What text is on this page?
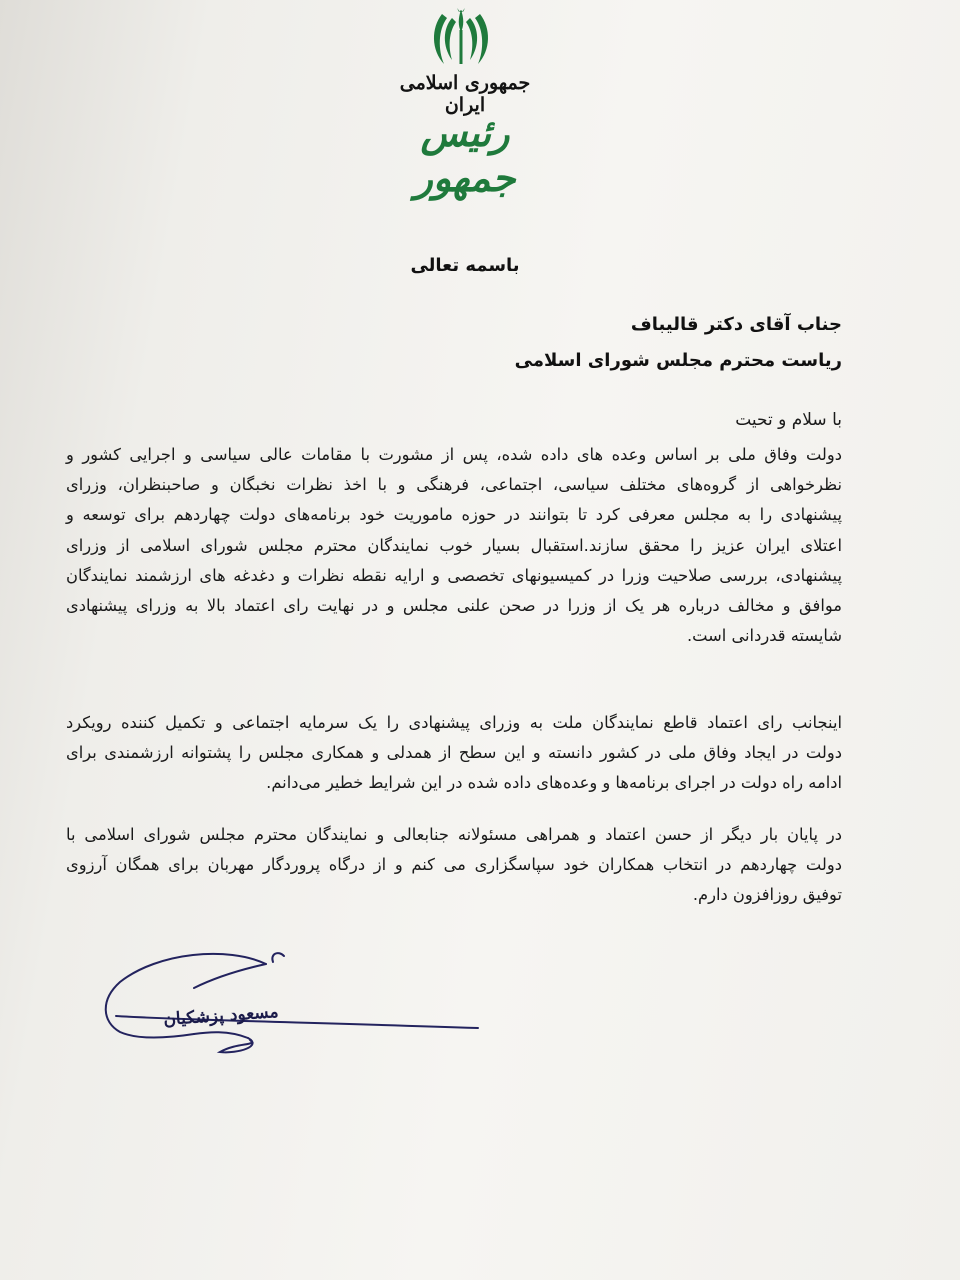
جمهوری اسلامی ایران
رئیس جمهور
باسمه تعالی
جناب آقای دکتر قالیباف
ریاست محترم مجلس شورای اسلامی
با سلام و تحیت
دولت وفاق ملی بر اساس وعده های داده شده، پس از مشورت با مقامات عالی سیاسی و اجرایی کشور و
نظرخواهی از گروه‌های مختلف سیاسی، اجتماعی، فرهنگی و با اخذ نظرات نخبگان و صاحبنظران، وزرای
پیشنهادی را به مجلس معرفی کرد تا بتوانند در حوزه ماموریت خود برنامه‌های دولت چهاردهم برای توسعه و
اعتلای ایران عزیز را محقق سازند.استقبال بسیار خوب نمایندگان محترم مجلس شورای اسلامی از وزرای
پیشنهادی، بررسی صلاحیت وزرا در کمیسیونهای تخصصی و ارایه نقطه نظرات و دغدغه های ارزشمند نمایندگان
موافق و مخالف درباره هر یک از وزرا در صحن علنی مجلس و در نهایت رای اعتماد بالا به وزرای پیشنهادی
شایسته قدردانی است.
اینجانب رای اعتماد قاطع نمایندگان ملت به وزرای پیشنهادی را یک سرمایه اجتماعی و تکمیل کننده رویکرد
دولت در ایجاد وفاق ملی در کشور دانسته و این سطح از همدلی و همکاری مجلس را پشتوانه ارزشمندی برای
ادامه راه دولت در اجرای برنامه‌ها و وعده‌های داده شده در این شرایط خطیر می‌دانم.
در پایان بار دیگر از حسن اعتماد و همراهی مسئولانه جنابعالی و نمایندگان محترم مجلس شورای اسلامی با
دولت چهاردهم در انتخاب همکاران خود سپاسگزاری می کنم و از درگاه پروردگار مهربان برای همگان آرزوی
توفیق روزافزون دارم.
مسعود پزشکیان
